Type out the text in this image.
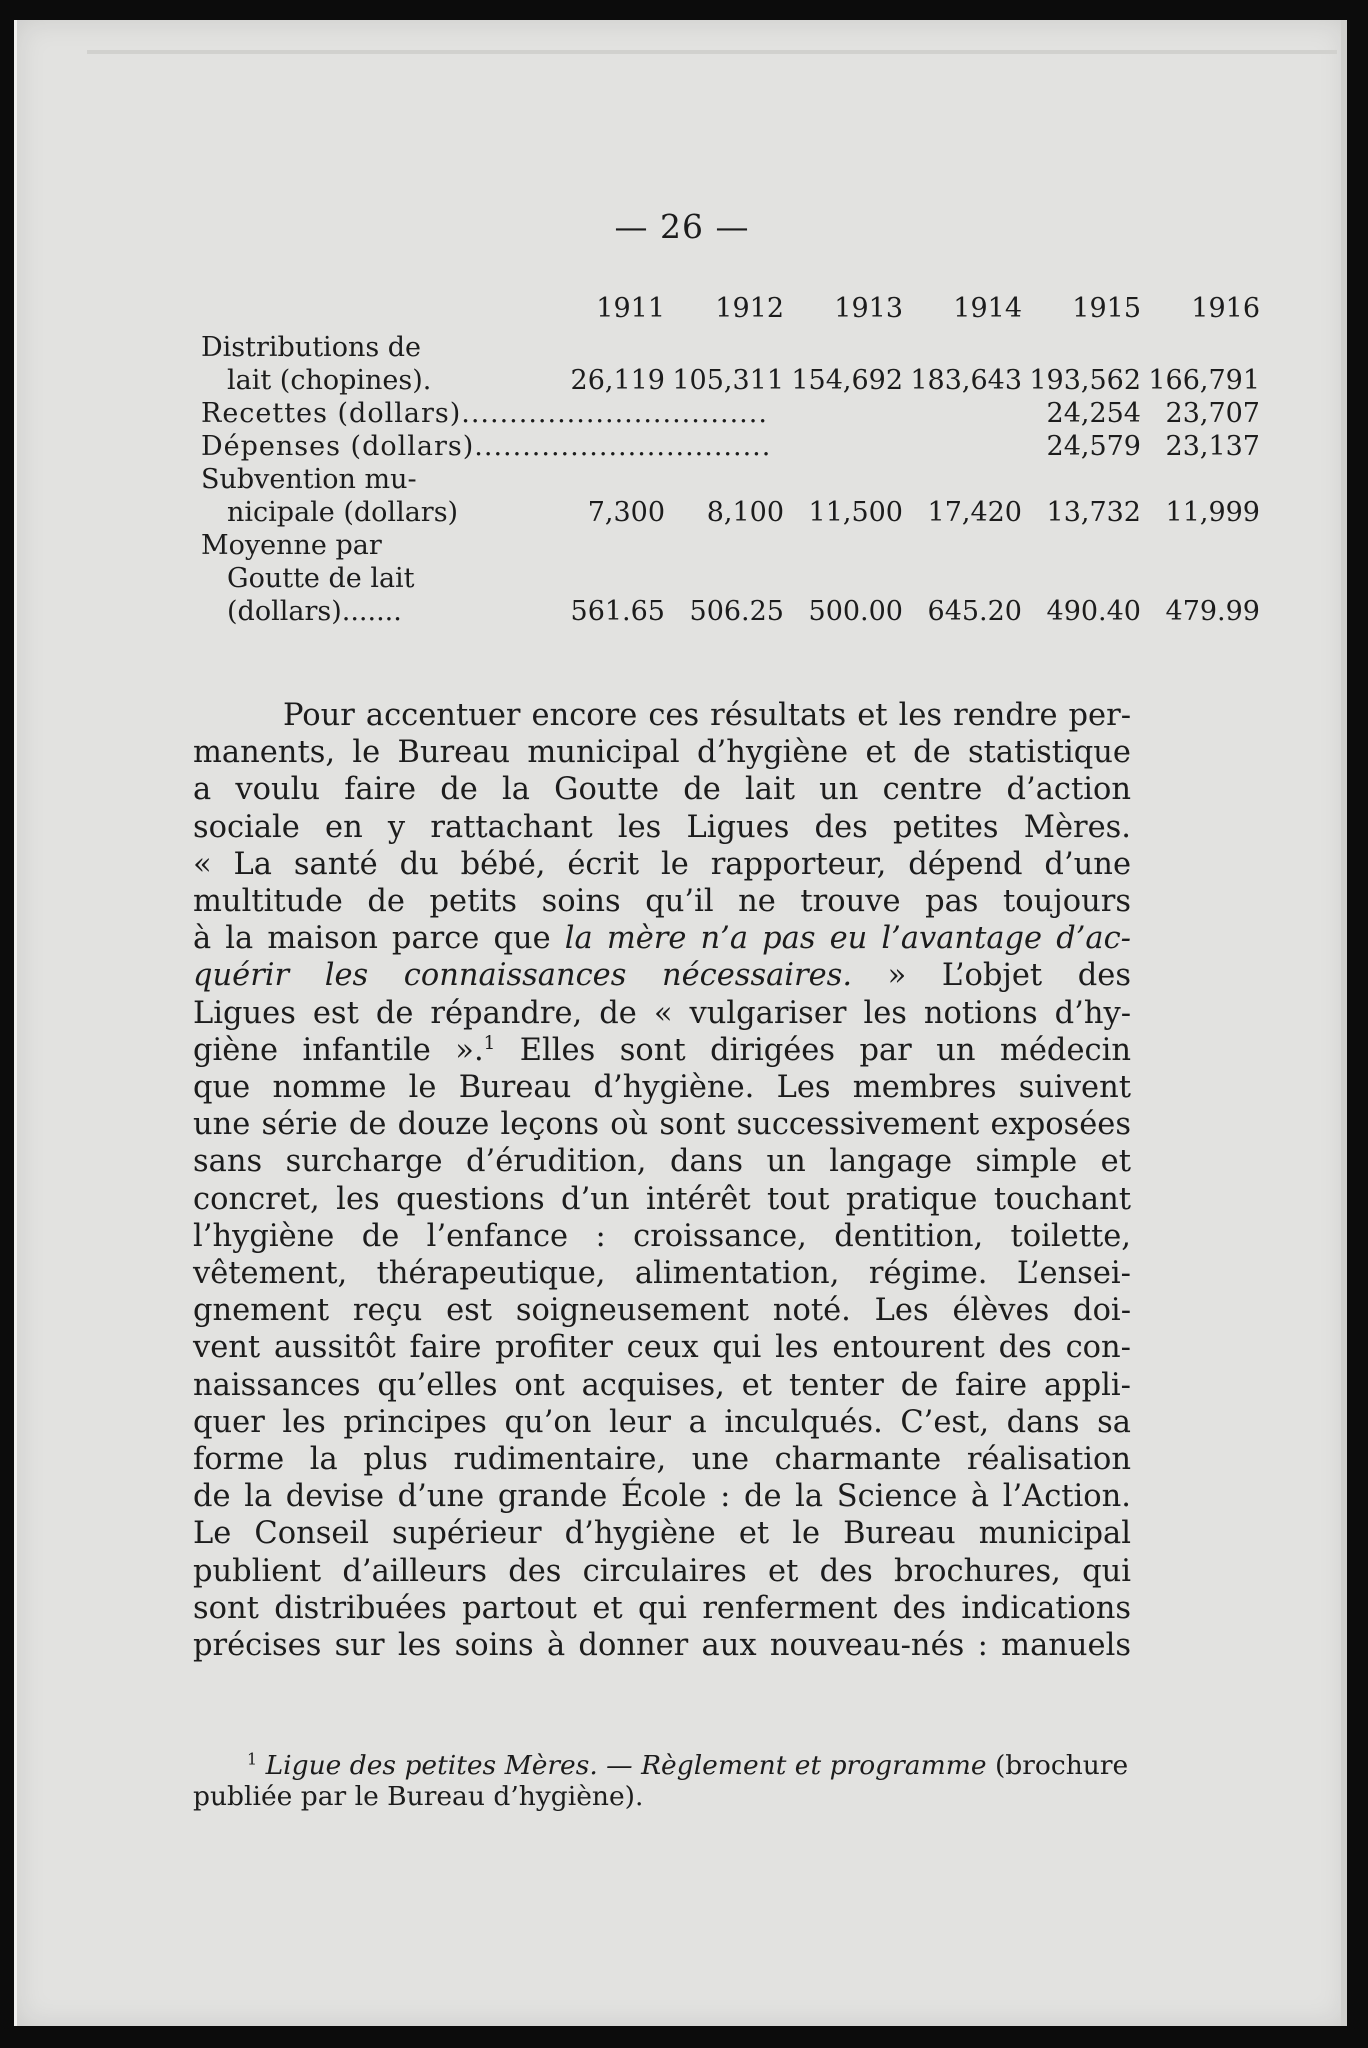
— 26 —
	1911	1912	1913	1914	1915	1916

Distributions de
lait (chopines).	26,119	105,311	154,692	183,643	193,562	166,791

Recettes (dollars)................................					24,254	23,707

Dépenses (dollars)...............................					24,579	23,137

Subvention mu-
nicipale (dollars)	7,300	8,100	11,500	17,420	13,732	11,999

Moyenne par
Goutte de lait
(dollars).......	561.65	506.25	500.00	645.20	490.40	479.99
Pour accentuer encore ces résultats et les rendre per-
manents, le Bureau municipal d’hygiène et de statistique
a voulu faire de la Goutte de lait un centre d’action
sociale en y rattachant les Ligues des petites Mères.
« La santé du bébé, écrit le rapporteur, dépend d’une
multitude de petits soins qu’il ne trouve pas toujours
à la maison parce que la mère n’a pas eu l’avantage d’ac-
quérir les connaissances nécessaires. » L’objet des
Ligues est de répandre, de « vulgariser les notions d’hy-
giène infantile ».$^1$ Elles sont dirigées par un médecin
que nomme le Bureau d’hygiène. Les membres suivent
une série de douze leçons où sont successivement exposées
sans surcharge d’érudition, dans un langage simple et
concret, les questions d’un intérêt tout pratique touchant
l’hygiène de l’enfance : croissance, dentition, toilette,
vêtement, thérapeutique, alimentation, régime. L’ensei-
gnement reçu est soigneusement noté. Les élèves doi-
vent aussitôt faire profiter ceux qui les entourent des con-
naissances qu’elles ont acquises, et tenter de faire appli-
quer les principes qu’on leur a inculqués. C’est, dans sa
forme la plus rudimentaire, une charmante réalisation
de la devise d’une grande École : de la Science à l’Action.
Le Conseil supérieur d’hygiène et le Bureau municipal
publient d’ailleurs des circulaires et des brochures, qui
sont distribuées partout et qui renferment des indications
précises sur les soins à donner aux nouveau-nés : manuels
$^1$ Ligue des petites Mères. — Règlement et programme (brochure
publiée par le Bureau d’hygiène).
